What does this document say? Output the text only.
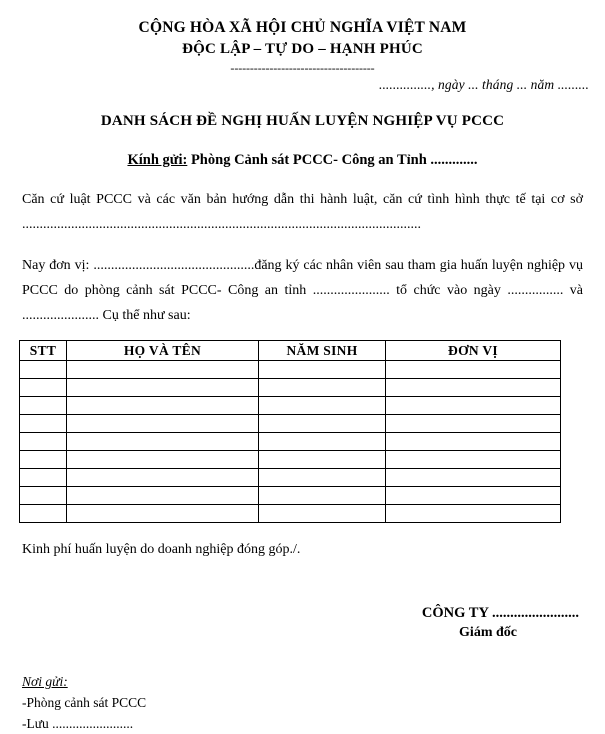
CỘNG HÒA XÃ HỘI CHỦ NGHĨA VIỆT NAM
ĐỘC LẬP – TỰ DO – HẠNH PHÚC
-------------------------------------
..............., ngày ... tháng ... năm .........
DANH SÁCH ĐỀ NGHỊ HUẤN LUYỆN NGHIỆP VỤ PCCC
Kính gửi: Phòng Cảnh sát PCCC- Công an Tỉnh .............
Căn cứ luật PCCC và các văn bản hướng dẫn thi hành luật, căn cứ tình hình thực tế tại cơ sở ..................................................................................................................
Nay đơn vị: ..............................................đăng ký các nhân viên sau tham gia huấn luyện nghiệp vụ PCCC do phòng cảnh sát PCCC- Công an tỉnh ...................... tổ chức vào ngày ................ và ...................... Cụ thể như sau:
STT	HỌ VÀ TÊN	NĂM SINH	ĐƠN VỊ

Kinh phí huấn luyện do doanh nghiệp đóng góp./.
CÔNG TY ........................
Giám đốc
Nơi gửi:
-Phòng cảnh sát PCCC
-Lưu ........................
